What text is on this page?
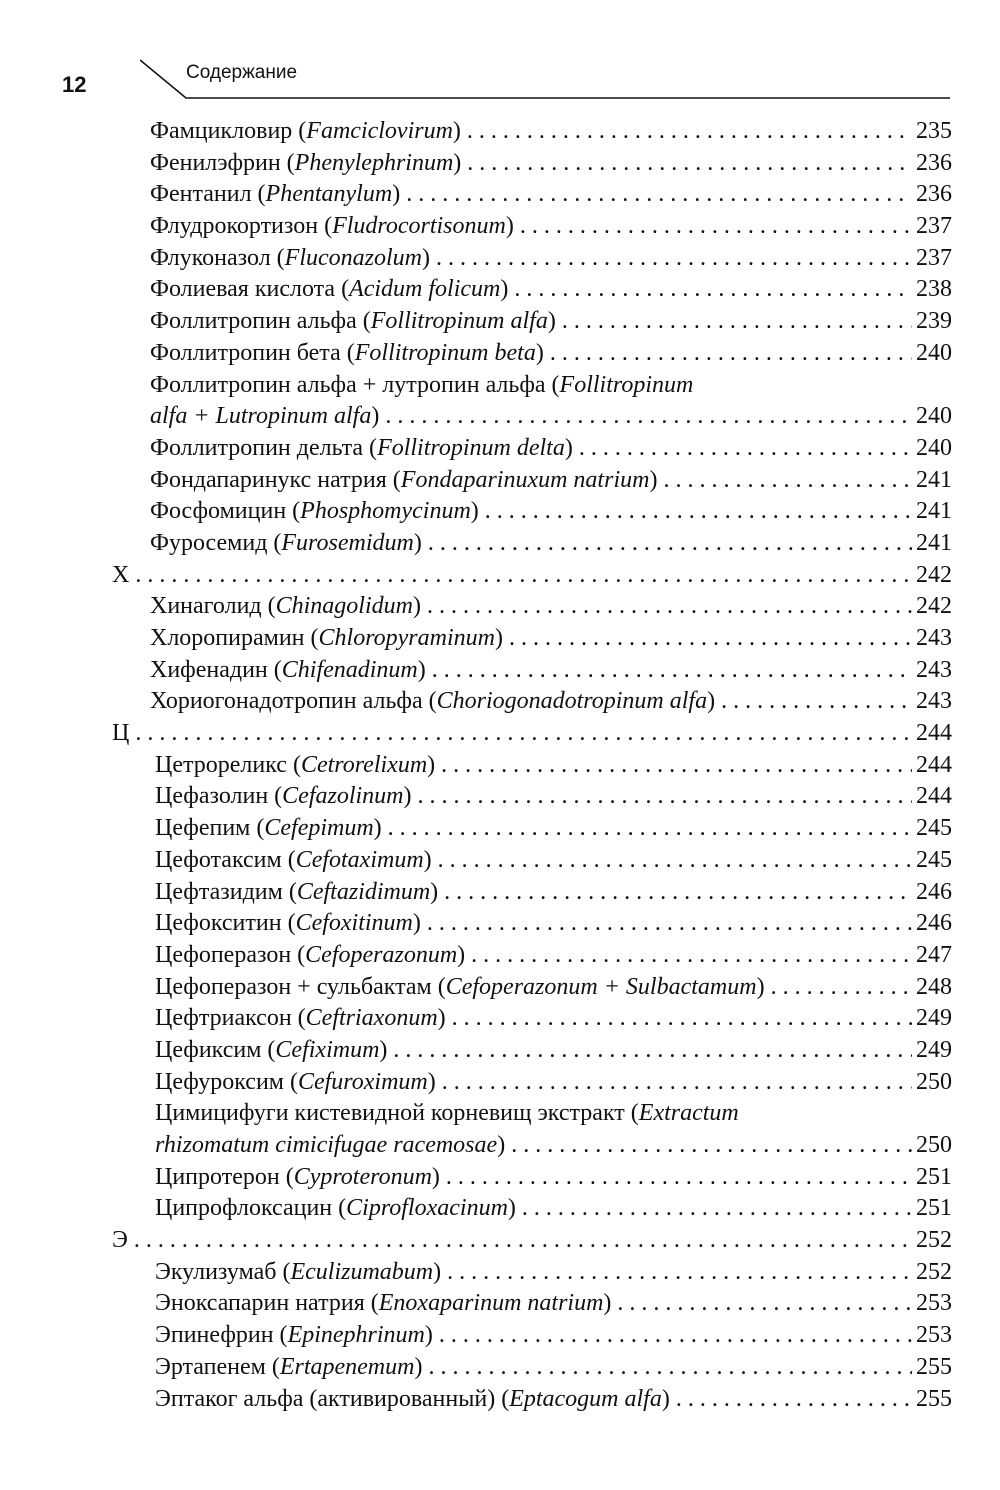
12	Содержание
Фамцикловир (Famciclovirum) . . .	235
Фенилэфрин (Phenylephrinum) . . .	236
Фентанил (Phentanylum) . . .	236
Флудрокортизон (Fludrocortisonum) . . .	237
Флуконазол (Fluconazolum) . . .	237
Фолиевая кислота (Acidum folicum) . . .	238
Фоллитропин альфа (Follitropinum alfa) . . .	239
Фоллитропин бета (Follitropinum beta) . . .	240
Фоллитропин альфа + лутропин альфа (Follitropinum
alfa + Lutropinum alfa) . . .	240
Фоллитропин дельта (Follitropinum delta) . . .	240
Фондапаринукс натрия (Fondaparinuxum natrium) . . .	241
Фосфомицин (Phosphomycinum) . . .	241
Фуросемид (Furosemidum) . . .	241
Х . . .	242
Хинаголид (Chinagolidum) . . .	242
Хлоропирамин (Chloropyraminum) . . .	243
Хифенадин (Chifenadinum) . . .	243
Хориогонадотропин альфа (Choriogonadotropinum alfa) . . .	243
Ц . . .	244
Цетрореликс (Cetrorelixum) . . .	244
Цефазолин (Cefazolinum) . . .	244
Цефепим (Cefepimum) . . .	245
Цефотаксим (Cefotaximum) . . .	245
Цефтазидим (Ceftazidimum) . . .	246
Цефокситин (Cefoxitinum) . . .	246
Цефоперазон (Cefoperazonum) . . .	247
Цефоперазон + сульбактам (Cefoperazonum + Sulbactamum) . . .	248
Цефтриаксон (Ceftriaxonum) . . .	249
Цефиксим (Cefiximum) . . .	249
Цефуроксим (Cefuroximum) . . .	250
Цимицифуги кистевидной корневищ экстракт (Extractum
rhizomatum cimicifugae racemosae) . . .	250
Ципротерон (Cyproteronum) . . .	251
Ципрофлоксацин (Ciprofloxacinum) . . .	251
Э . . .	252
Экулизумаб (Eculizumabum) . . .	252
Эноксапарин натрия (Enoxaparinum natrium) . . .	253
Эпинефрин (Epinephrinum) . . .	253
Эртапенем (Ertapenemum) . . .	255
Эптаког альфа (активированный) (Eptacogum alfa) . . .	255
